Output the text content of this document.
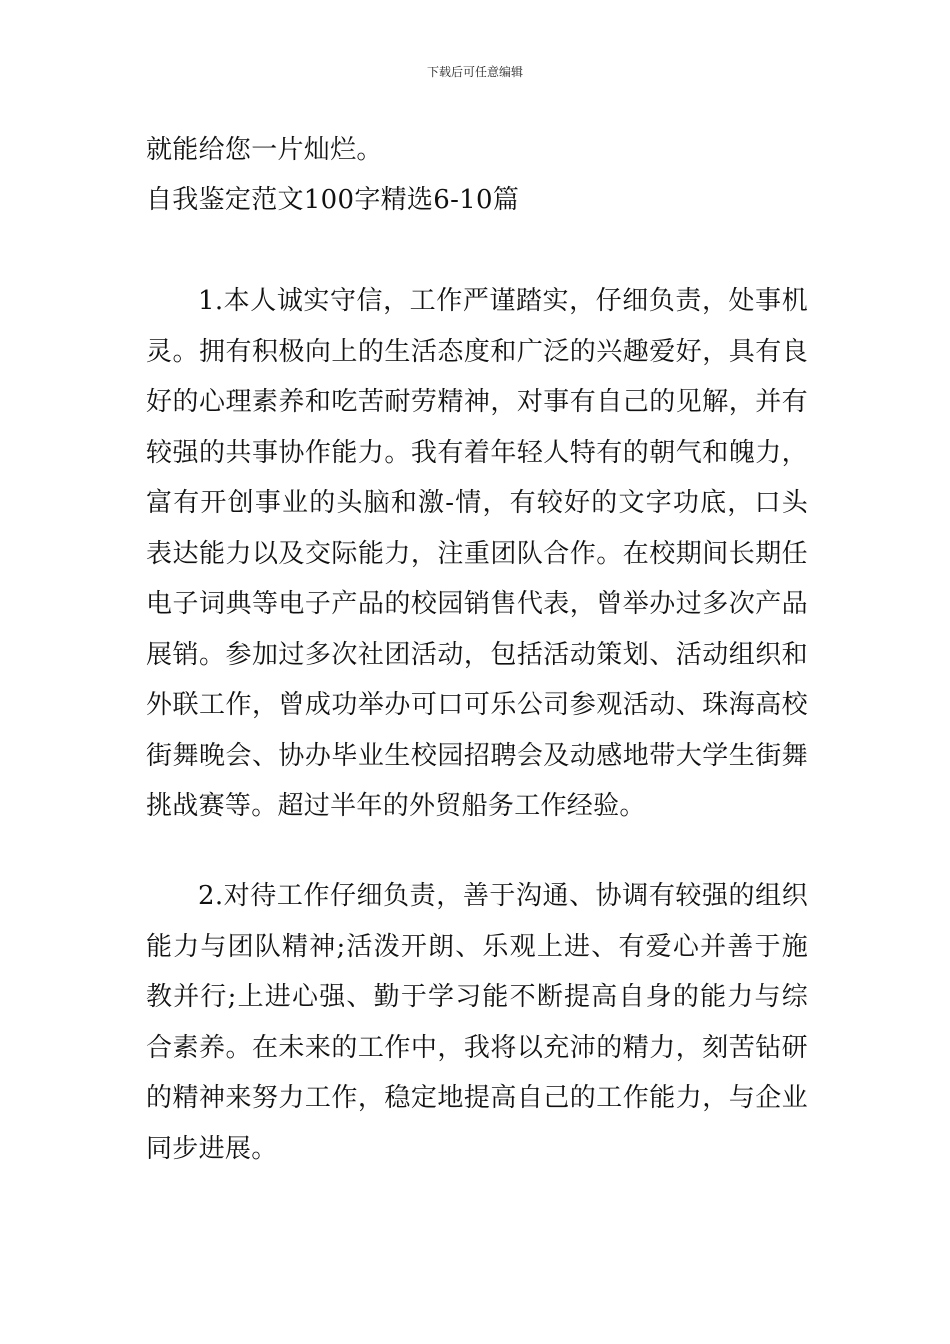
下载后可任意编辑

就能给您一片灿烂。

自我鉴定范文100字精选6-10篇

1.本人诚实守信，工作严谨踏实，仔细负责，处事机灵。拥有积极向上的生活态度和广泛的兴趣爱好，具有良好的心理素养和吃苦耐劳精神，对事有自己的见解，并有较强的共事协作能力。我有着年轻人特有的朝气和魄力，富有开创事业的头脑和激-情，有较好的文字功底，口头表达能力以及交际能力，注重团队合作。在校期间长期任电子词典等电子产品的校园销售代表，曾举办过多次产品展销。参加过多次社团活动，包括活动策划、活动组织和外联工作，曾成功举办可口可乐公司参观活动、珠海高校街舞晚会、协办毕业生校园招聘会及动感地带大学生街舞挑战赛等。超过半年的外贸船务工作经验。

2.对待工作仔细负责，善于沟通、协调有较强的组织能力与团队精神;活泼开朗、乐观上进、有爱心并善于施教并行;上进心强、勤于学习能不断提高自身的能力与综合素养。在未来的工作中，我将以充沛的精力，刻苦钻研的精神来努力工作，稳定地提高自己的工作能力，与企业同步进展。
